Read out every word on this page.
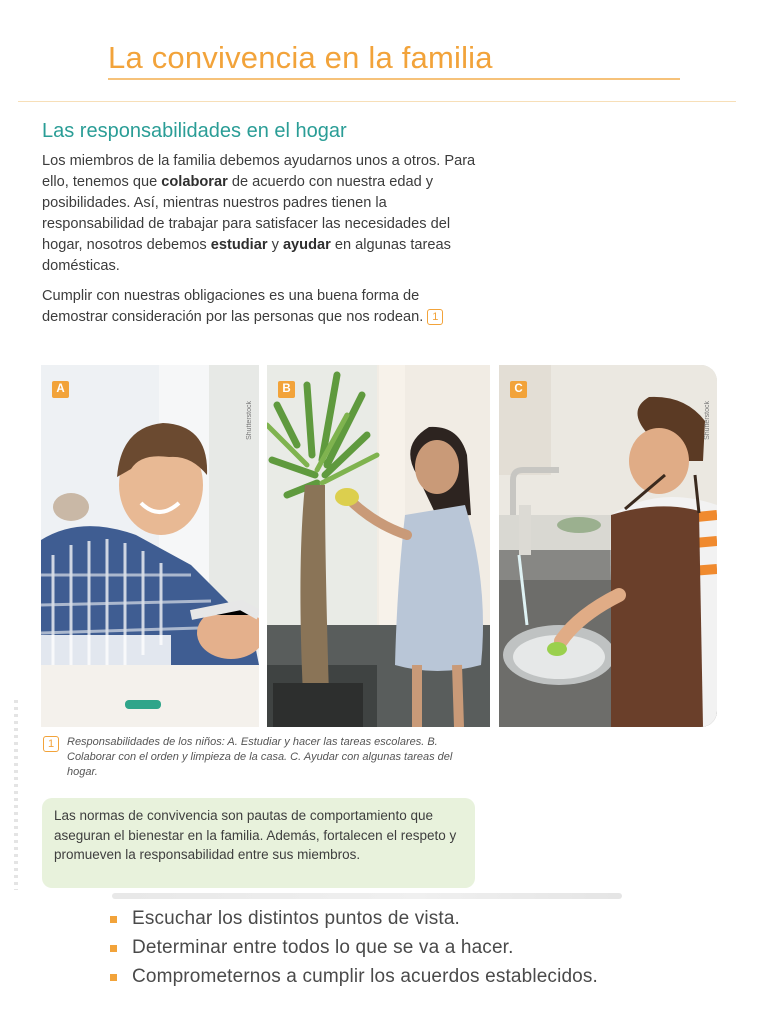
La convivencia en la familia
Las responsabilidades en el hogar

Los miembros de la familia debemos ayudarnos unos a otros. Para ello, tenemos que colaborar de acuerdo con nuestra edad y posibilidades. Así, mientras nuestros padres tienen la responsabilidad de trabajar para satisfacer las necesidades del hogar, nosotros debemos estudiar y ayudar en algunas tareas domésticas.

Cumplir con nuestras obligaciones es una buena forma de demostrar consideración por las personas que nos rodean. 1

A
Shutterstock
B	C
Shutterstock
1	Responsabilidades de los niños: A. Estudiar y hacer las tareas escolares. B. Colaborar con el orden y limpieza de la casa. C. Ayudar con algunas tareas del hogar.

Las normas de convivencia son pautas de comportamiento que aseguran el bienestar en la familia. Además, fortalecen el respeto y promueven la responsabilidad entre sus miembros.
Escuchar los distintos puntos de vista.
Determinar entre todos lo que se va a hacer.
Comprometernos a cumplir los acuerdos establecidos.
